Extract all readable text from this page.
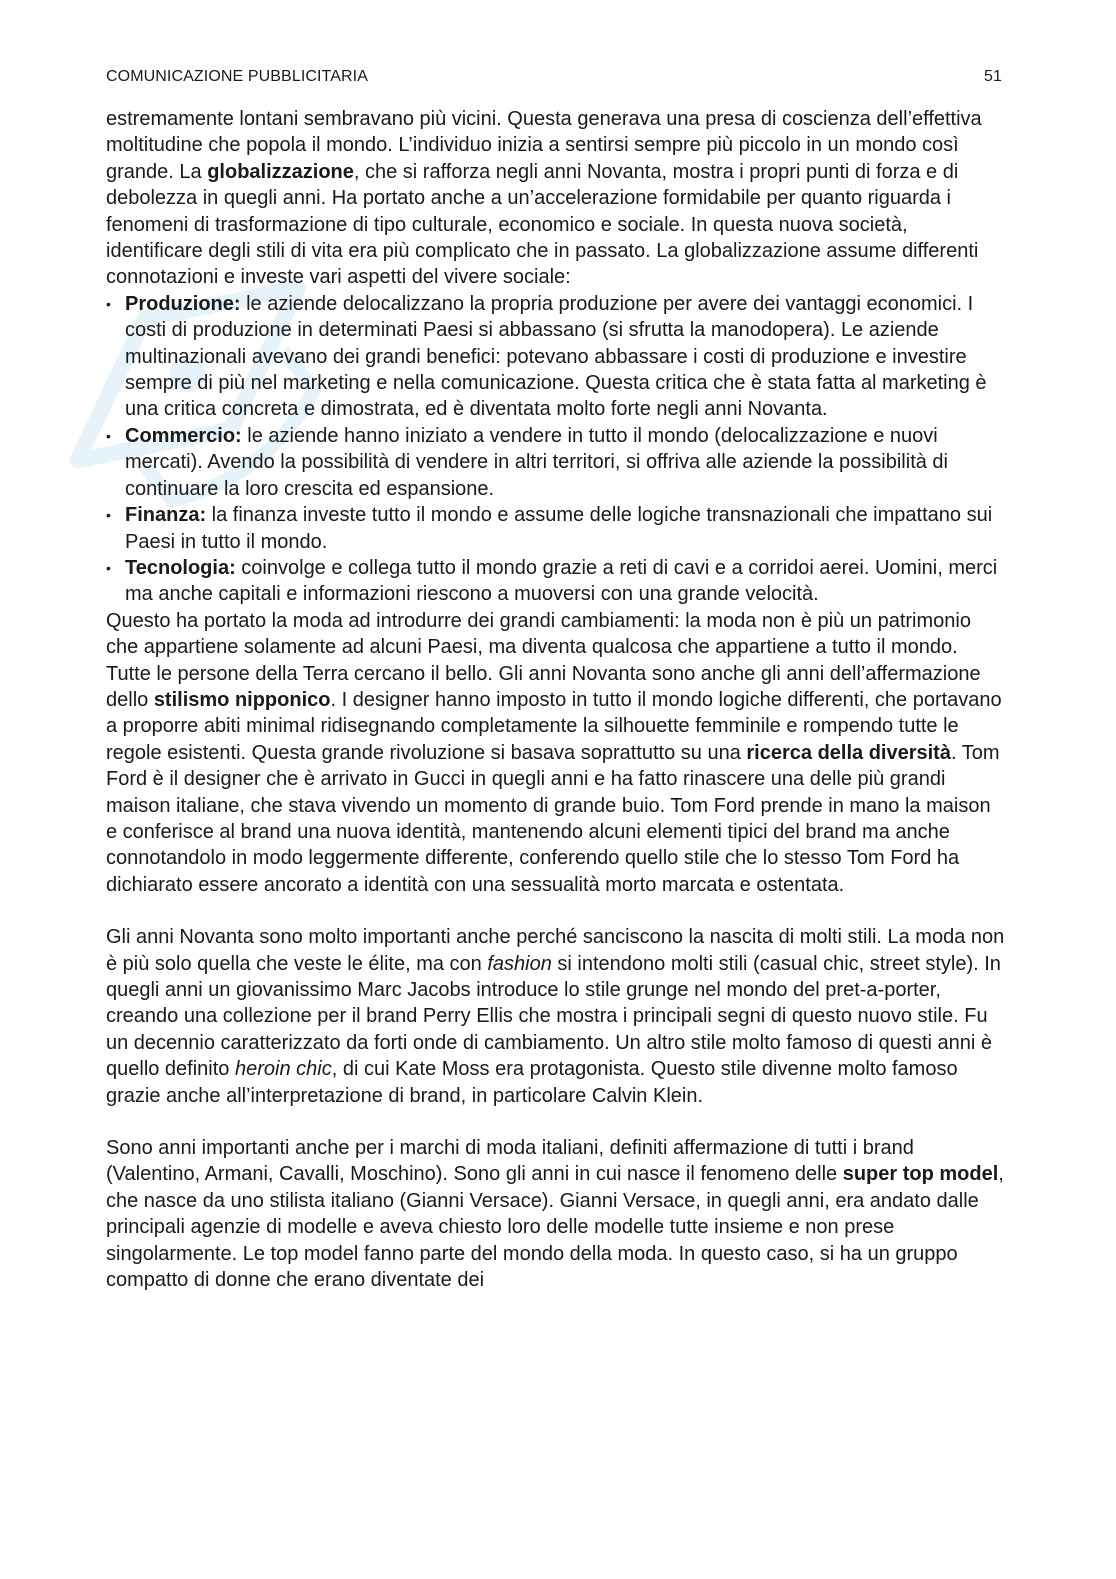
COMUNICAZIONE PUBBLICITARIA	51

estremamente lontani sembravano più vicini. Questa generava una presa di coscienza dell’effettiva moltitudine che popola il mondo. L’individuo inizia a sentirsi sempre più piccolo in un mondo così grande. La globalizzazione, che si rafforza negli anni Novanta, mostra i propri punti di forza e di debolezza in quegli anni. Ha portato anche a un’accelerazione formidabile per quanto riguarda i fenomeni di trasformazione di tipo culturale, economico e sociale. In questa nuova società, identificare degli stili di vita era più complicato che in passato. La globalizzazione assume differenti connotazioni e investe vari aspetti del vivere sociale:

• Produzione: le aziende delocalizzano la propria produzione per avere dei vantaggi economici. I costi di produzione in determinati Paesi si abbassano (si sfrutta la manodopera). Le aziende multinazionali avevano dei grandi benefici: potevano abbassare i costi di produzione e investire sempre di più nel marketing e nella comunicazione. Questa critica che è stata fatta al marketing è una critica concreta e dimostrata, ed è diventata molto forte negli anni Novanta.
• Commercio: le aziende hanno iniziato a vendere in tutto il mondo (delocalizzazione e nuovi mercati). Avendo la possibilità di vendere in altri territori, si offriva alle aziende la possibilità di continuare la loro crescita ed espansione.
• Finanza: la finanza investe tutto il mondo e assume delle logiche transnazionali che impattano sui Paesi in tutto il mondo.
• Tecnologia: coinvolge e collega tutto il mondo grazie a reti di cavi e a corridoi aerei. Uomini, merci ma anche capitali e informazioni riescono a muoversi con una grande velocità.

Questo ha portato la moda ad introdurre dei grandi cambiamenti: la moda non è più un patrimonio che appartiene solamente ad alcuni Paesi, ma diventa qualcosa che appartiene a tutto il mondo. Tutte le persone della Terra cercano il bello. Gli anni Novanta sono anche gli anni dell’affermazione dello stilismo nipponico. I designer hanno imposto in tutto il mondo logiche differenti, che portavano a proporre abiti minimal ridisegnando completamente la silhouette femminile e rompendo tutte le regole esistenti. Questa grande rivoluzione si basava soprattutto su una ricerca della diversità. Tom Ford è il designer che è arrivato in Gucci in quegli anni e ha fatto rinascere una delle più grandi maison italiane, che stava vivendo un momento di grande buio. Tom Ford prende in mano la maison e conferisce al brand una nuova identità, mantenendo alcuni elementi tipici del brand ma anche connotandolo in modo leggermente differente, conferendo quello stile che lo stesso Tom Ford ha dichiarato essere ancorato a identità con una sessualità morto marcata e ostentata.

Gli anni Novanta sono molto importanti anche perché sanciscono la nascita di molti stili. La moda non è più solo quella che veste le élite, ma con fashion si intendono molti stili (casual chic, street style). In quegli anni un giovanissimo Marc Jacobs introduce lo stile grunge nel mondo del pret-a-porter, creando una collezione per il brand Perry Ellis che mostra i principali segni di questo nuovo stile. Fu un decennio caratterizzato da forti onde di cambiamento. Un altro stile molto famoso di questi anni è quello definito heroin chic, di cui Kate Moss era protagonista. Questo stile divenne molto famoso grazie anche all’interpretazione di brand, in particolare Calvin Klein.

Sono anni importanti anche per i marchi di moda italiani, definiti affermazione di tutti i brand (Valentino, Armani, Cavalli, Moschino). Sono gli anni in cui nasce il fenomeno delle super top model, che nasce da uno stilista italiano (Gianni Versace). Gianni Versace, in quegli anni, era andato dalle principali agenzie di modelle e aveva chiesto loro delle modelle tutte insieme e non prese singolarmente. Le top model fanno parte del mondo della moda. In questo caso, si ha un gruppo compatto di donne che erano diventate dei
